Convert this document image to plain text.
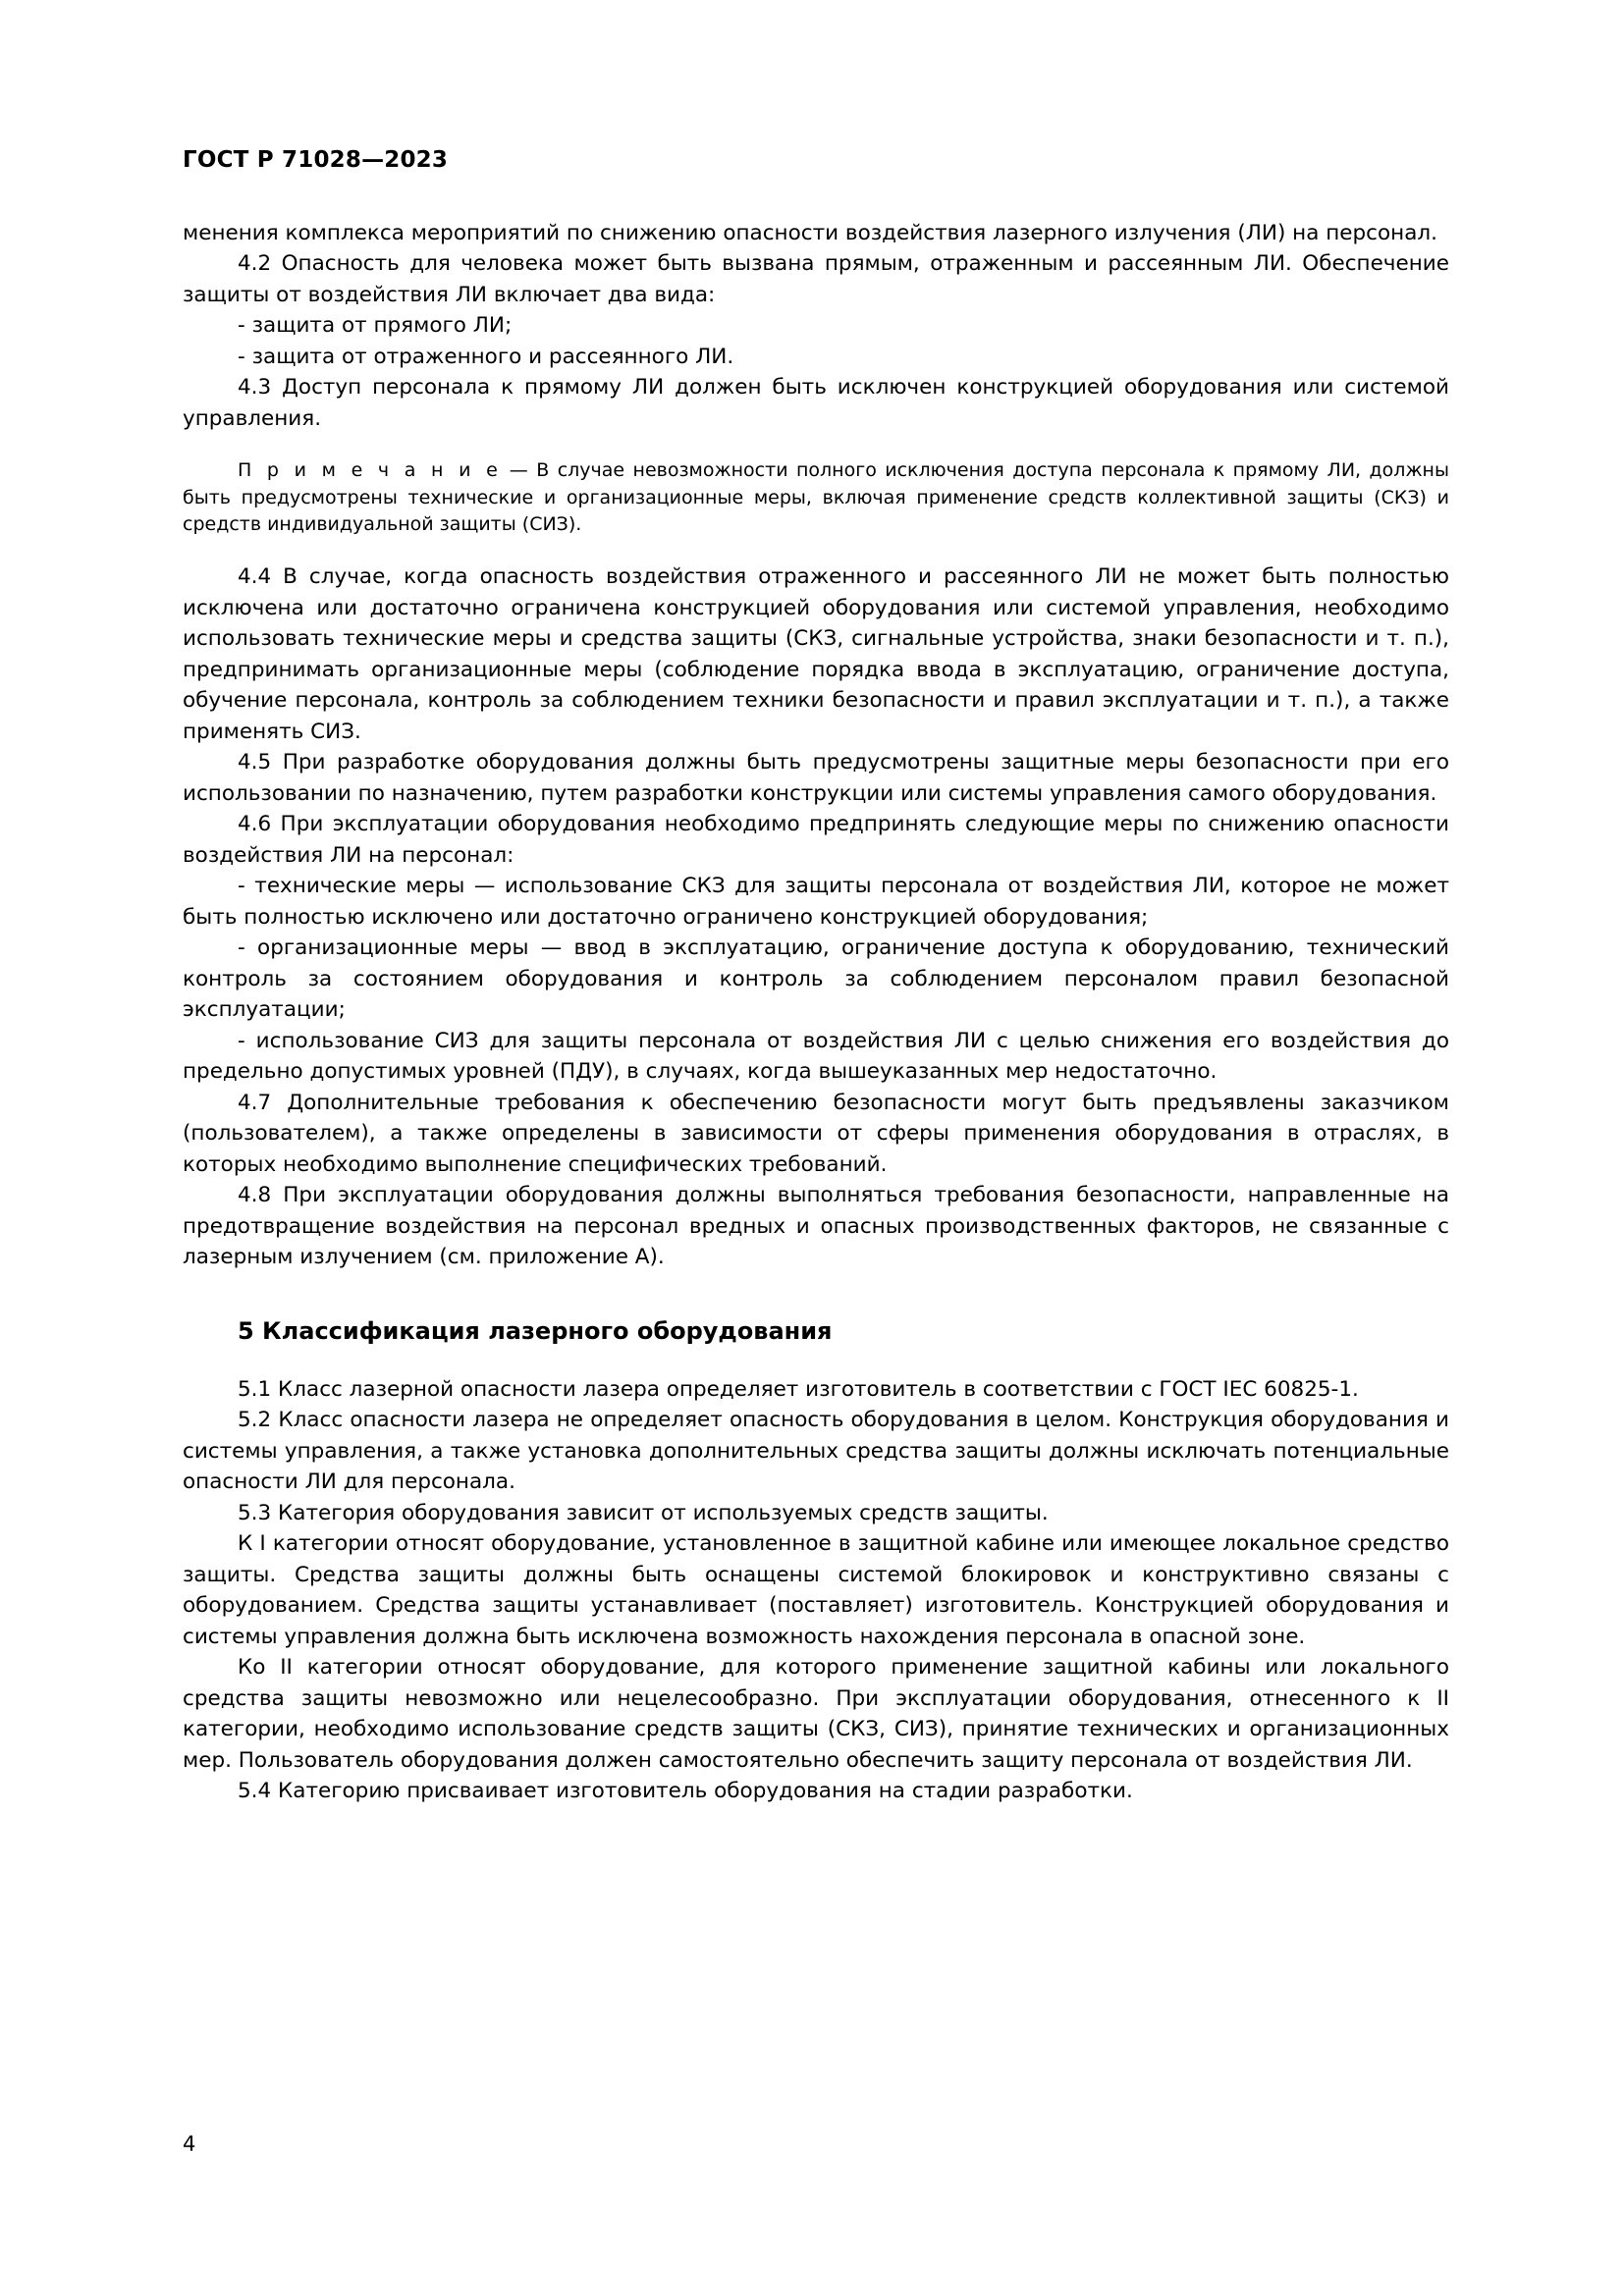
ГОСТ Р 71028—2023

менения комплекса мероприятий по снижению опасности воздействия лазерного излучения (ЛИ) на персонал.

4.2 Опасность для человека может быть вызвана прямым, отраженным и рассеянным ЛИ. Обеспечение защиты от воздействия ЛИ включает два вида:

- защита от прямого ЛИ;

- защита от отраженного и рассеянного ЛИ.

4.3 Доступ персонала к прямому ЛИ должен быть исключен конструкцией оборудования или системой управления.

П р и м е ч а н и е — В случае невозможности полного исключения доступа персонала к прямому ЛИ, должны быть предусмотрены технические и организационные меры, включая применение средств коллективной защиты (СКЗ) и средств индивидуальной защиты (СИЗ).

4.4 В случае, когда опасность воздействия отраженного и рассеянного ЛИ не может быть полностью исключена или достаточно ограничена конструкцией оборудования или системой управления, необходимо использовать технические меры и средства защиты (СКЗ, сигнальные устройства, знаки безопасности и т. п.), предпринимать организационные меры (соблюдение порядка ввода в эксплуатацию, ограничение доступа, обучение персонала, контроль за соблюдением техники безопасности и правил эксплуатации и т. п.), а также применять СИЗ.

4.5 При разработке оборудования должны быть предусмотрены защитные меры безопасности при его использовании по назначению, путем разработки конструкции или системы управления самого оборудования.

4.6 При эксплуатации оборудования необходимо предпринять следующие меры по снижению опасности воздействия ЛИ на персонал:

- технические меры — использование СКЗ для защиты персонала от воздействия ЛИ, которое не может быть полностью исключено или достаточно ограничено конструкцией оборудования;

- организационные меры — ввод в эксплуатацию, ограничение доступа к оборудованию, технический контроль за состоянием оборудования и контроль за соблюдением персоналом правил безопасной эксплуатации;

- использование СИЗ для защиты персонала от воздействия ЛИ с целью снижения его воздействия до предельно допустимых уровней (ПДУ), в случаях, когда вышеуказанных мер недостаточно.

4.7 Дополнительные требования к обеспечению безопасности могут быть предъявлены заказчиком (пользователем), а также определены в зависимости от сферы применения оборудования в отраслях, в которых необходимо выполнение специфических требований.

4.8 При эксплуатации оборудования должны выполняться требования безопасности, направленные на предотвращение воздействия на персонал вредных и опасных производственных факторов, не связанные с лазерным излучением (см. приложение А).

5 Классификация лазерного оборудования

5.1 Класс лазерной опасности лазера определяет изготовитель в соответствии с ГОСТ IEC 60825-1.

5.2 Класс опасности лазера не определяет опасность оборудования в целом. Конструкция оборудования и системы управления, а также установка дополнительных средства защиты должны исключать потенциальные опасности ЛИ для персонала.

5.3 Категория оборудования зависит от используемых средств защиты.

К I категории относят оборудование, установленное в защитной кабине или имеющее локальное средство защиты. Средства защиты должны быть оснащены системой блокировок и конструктивно связаны с оборудованием. Средства защиты устанавливает (поставляет) изготовитель. Конструкцией оборудования и системы управления должна быть исключена возможность нахождения персонала в опасной зоне.

Ко II категории относят оборудование, для которого применение защитной кабины или локального средства защиты невозможно или нецелесообразно. При эксплуатации оборудования, отнесенного к II категории, необходимо использование средств защиты (СКЗ, СИЗ), принятие технических и организационных мер. Пользователь оборудования должен самостоятельно обеспечить защиту персонала от воздействия ЛИ.

5.4 Категорию присваивает изготовитель оборудования на стадии разработки.

4
